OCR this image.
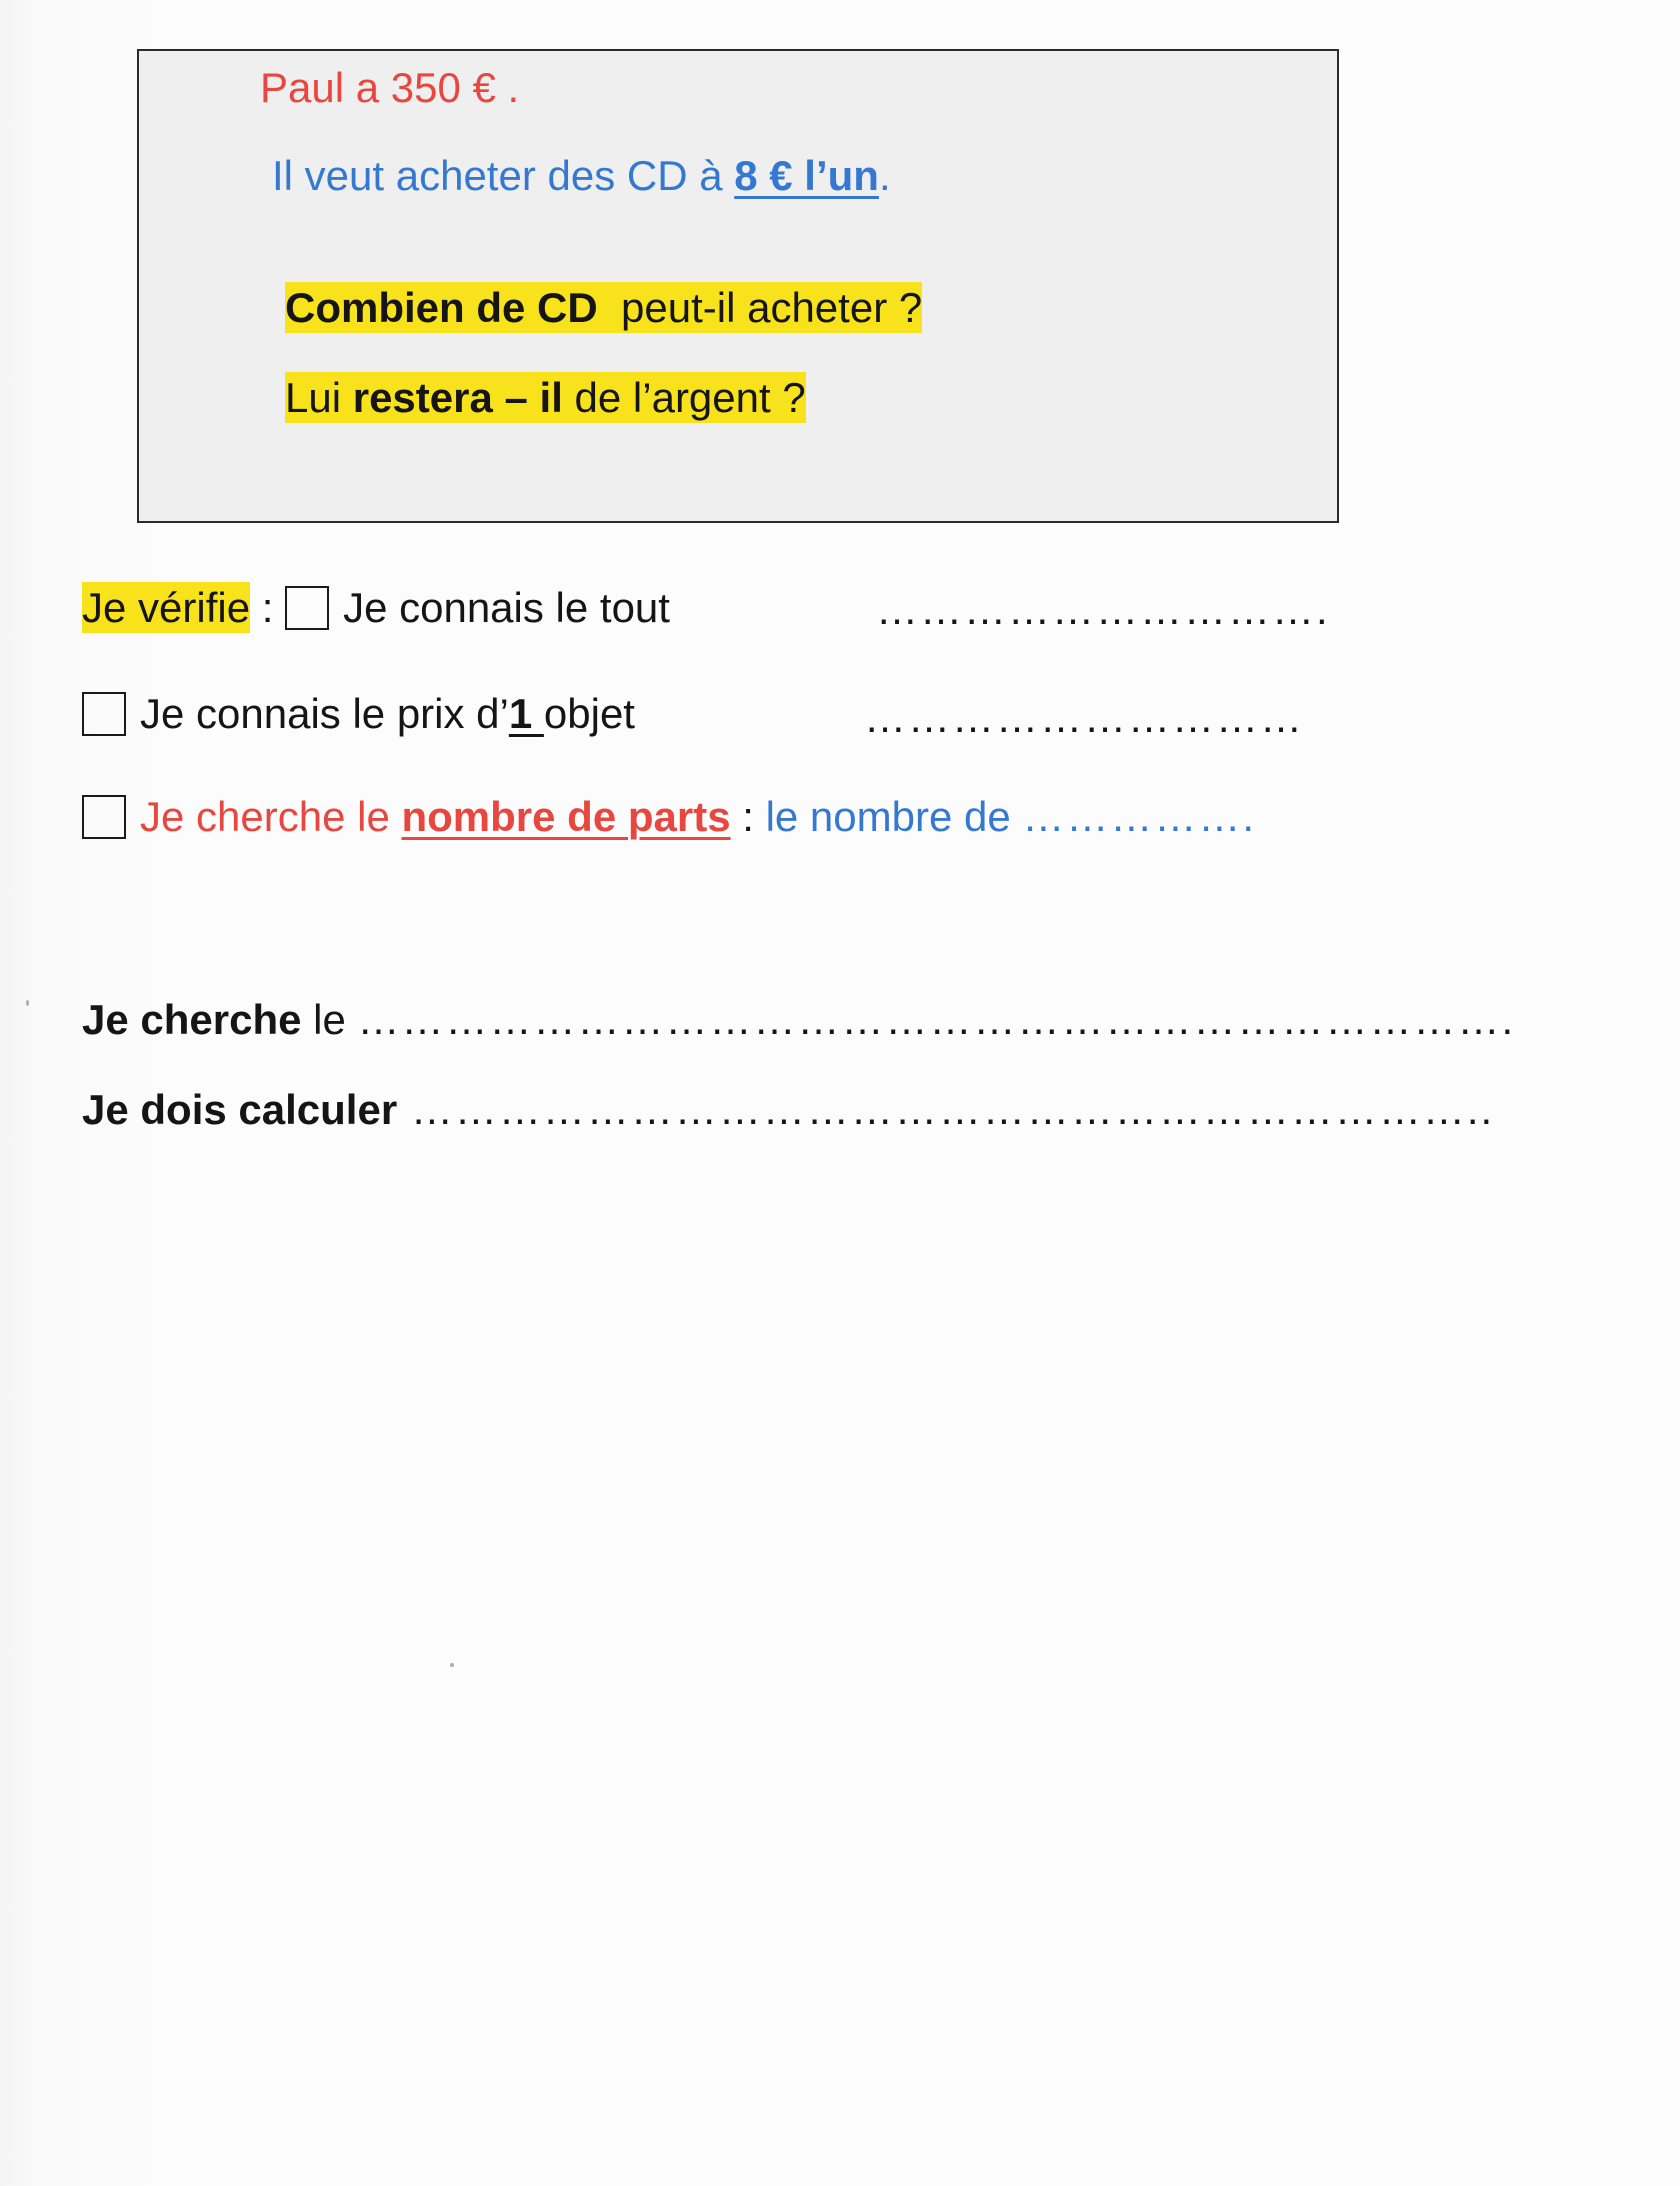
Paul a 350 € .
Il veut acheter des CD à 8 € l’un.
Combien de CD  peut-il acheter ?
Lui restera – il de l’argent ?
Je vérifie : Je connais le tout	………………………….
Je connais le prix d’1 objet	…………………………
Je cherche le nombre de parts : le nombre de …………….
Je cherche le …………………………………………………………………….
Je dois calculer ………………………………………………………………..
